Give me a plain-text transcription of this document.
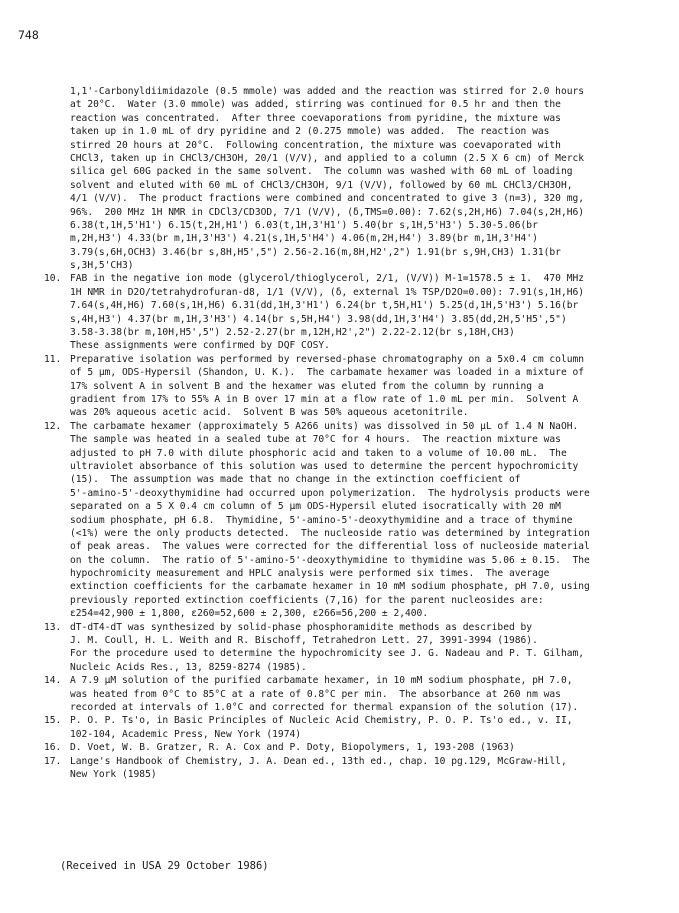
748
1,1'-Carbonyldiimidazole (0.5 mmole) was added and the reaction was stirred for 2.0 hours
at 20°C.  Water (3.0 mmole) was added, stirring was continued for 0.5 hr and then the
reaction was concentrated.  After three coevaporations from pyridine, the mixture was
taken up in 1.0 mL of dry pyridine and 2 (0.275 mmole) was added.  The reaction was
stirred 20 hours at 20°C.  Following concentration, the mixture was coevaporated with
CHCl3, taken up in CHCl3/CH3OH, 20/1 (V/V), and applied to a column (2.5 X 6 cm) of Merck
silica gel 60G packed in the same solvent.  The column was washed with 60 mL of loading
solvent and eluted with 60 mL of CHCl3/CH3OH, 9/1 (V/V), followed by 60 mL CHCl3/CH3OH,
4/1 (V/V).  The product fractions were combined and concentrated to give 3 (n=3), 320 mg,
96%.  200 MHz 1H NMR in CDCl3/CD3OD, 7/1 (V/V), (δ,TMS=0.00): 7.62(s,2H,H6) 7.04(s,2H,H6)
6.38(t,1H,5'H1') 6.15(t,2H,H1') 6.03(t,1H,3'H1') 5.40(br s,1H,5'H3') 5.30-5.06(br
m,2H,H3') 4.33(br m,1H,3'H3') 4.21(s,1H,5'H4') 4.06(m,2H,H4') 3.89(br m,1H,3'H4')
3.79(s,6H,OCH3) 3.46(br s,8H,H5',5") 2.56-2.16(m,8H,H2',2") 1.91(br s,9H,CH3) 1.31(br
s,3H,5'CH3)
10. FAB in the negative ion mode (glycerol/thioglycerol, 2/1, (V/V)) M-1=1578.5 ± 1.  470 MHz
1H NMR in D2O/tetrahydrofuran-d8, 1/1 (V/V), (δ, external 1% TSP/D2O=0.00): 7.91(s,1H,H6)
7.64(s,4H,H6) 7.60(s,1H,H6) 6.31(dd,1H,3'H1') 6.24(br t,5H,H1') 5.25(d,1H,5'H3') 5.16(br
s,4H,H3') 4.37(br m,1H,3'H3') 4.14(br s,5H,H4') 3.98(dd,1H,3'H4') 3.85(dd,2H,5'H5',5")
3.58-3.38(br m,10H,H5',5") 2.52-2.27(br m,12H,H2',2") 2.22-2.12(br s,18H,CH3)
These assignments were confirmed by DQF COSY.
11. Preparative isolation was performed by reversed-phase chromatography on a 5x0.4 cm column
of 5 μm, ODS-Hypersil (Shandon, U. K.).  The carbamate hexamer was loaded in a mixture of
17% solvent A in solvent B and the hexamer was eluted from the column by running a
gradient from 17% to 55% A in B over 17 min at a flow rate of 1.0 mL per min.  Solvent A
was 20% aqueous acetic acid.  Solvent B was 50% aqueous acetonitrile.
12. The carbamate hexamer (approximately 5 A266 units) was dissolved in 50 μL of 1.4 N NaOH.
The sample was heated in a sealed tube at 70°C for 4 hours.  The reaction mixture was
adjusted to pH 7.0 with dilute phosphoric acid and taken to a volume of 10.00 mL.  The
ultraviolet absorbance of this solution was used to determine the percent hypochromicity
(15).  The assumption was made that no change in the extinction coefficient of
5'-amino-5'-deoxythymidine had occurred upon polymerization.  The hydrolysis products were
separated on a 5 X 0.4 cm column of 5 μm ODS-Hypersil eluted isocratically with 20 mM
sodium phosphate, pH 6.8.  Thymidine, 5'-amino-5'-deoxythymidine and a trace of thymine
(<1%) were the only products detected.  The nucleoside ratio was determined by integration
of peak areas.  The values were corrected for the differential loss of nucleoside material
on the column.  The ratio of 5'-amino-5'-deoxythymidine to thymidine was 5.06 ± 0.15.  The
hypochromicity measurement and HPLC analysis were performed six times.  The average
extinction coefficients for the carbamate hexamer in 10 mM sodium phosphate, pH 7.0, using
previously reported extinction coefficients (7,16) for the parent nucleosides are:
ε254=42,900 ± 1,800, ε260=52,600 ± 2,300, ε266=56,200 ± 2,400.
13. dT-dT4-dT was synthesized by solid-phase phosphoramidite methods as described by
J. M. Coull, H. L. Weith and R. Bischoff, Tetrahedron Lett. 27, 3991-3994 (1986).
For the procedure used to determine the hypochromicity see J. G. Nadeau and P. T. Gilham,
Nucleic Acids Res., 13, 8259-8274 (1985).
14. A 7.9 μM solution of the purified carbamate hexamer, in 10 mM sodium phosphate, pH 7.0,
was heated from 0°C to 85°C at a rate of 0.8°C per min.  The absorbance at 260 nm was
recorded at intervals of 1.0°C and corrected for thermal expansion of the solution (17).
15. P. O. P. Ts'o, in Basic Principles of Nucleic Acid Chemistry, P. O. P. Ts'o ed., v. II,
102-104, Academic Press, New York (1974)
16. D. Voet, W. B. Gratzer, R. A. Cox and P. Doty, Biopolymers, 1, 193-208 (1963)
17. Lange's Handbook of Chemistry, J. A. Dean ed., 13th ed., chap. 10 pg.129, McGraw-Hill,
New York (1985)
(Received in USA 29 October 1986)
